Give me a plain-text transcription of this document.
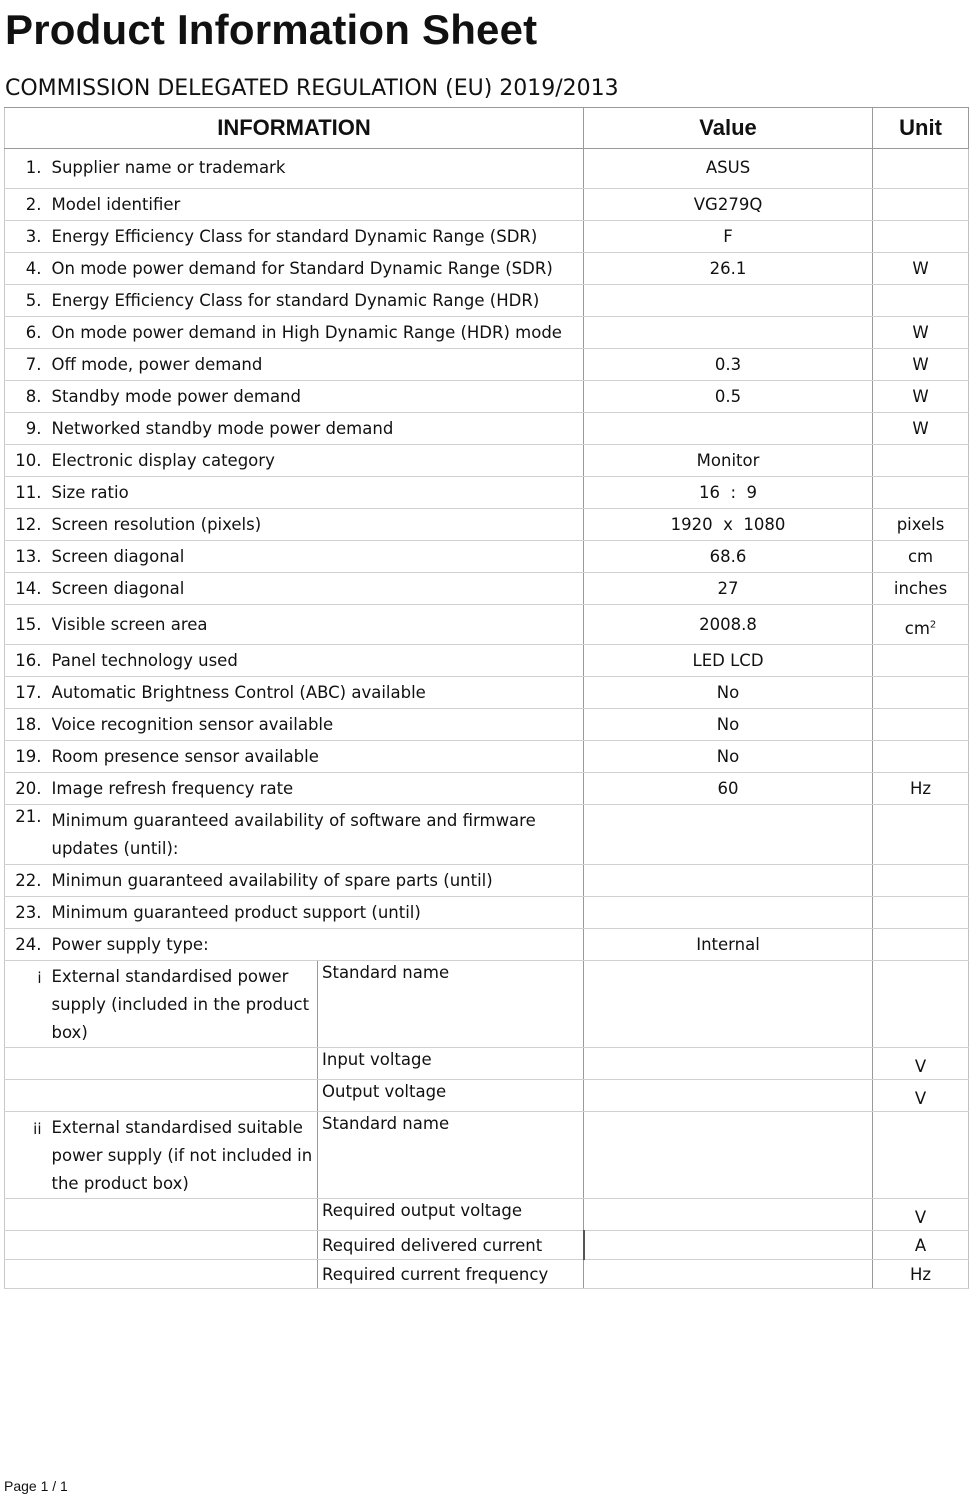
Product Information Sheet
COMMISSION DELEGATED REGULATION (EU) 2019/2013
INFORMATION			Value	Unit
1.	Supplier name or trademark		ASUS	
2.	Model identifier		VG279Q	
3.	Energy Efficiency Class for standard Dynamic Range (SDR)		F	
4.	On mode power demand for Standard Dynamic Range (SDR)		26.1	W
5.	Energy Efficiency Class for standard Dynamic Range (HDR)			
6.	On mode power demand in High Dynamic Range (HDR) mode			W
7.	Off mode, power demand		0.3	W
8.	Standby mode power demand		0.5	W
9.	Networked standby mode power demand			W
10.	Electronic display category		Monitor	
11.	Size ratio		16  :  9	
12.	Screen resolution (pixels)		1920  x  1080	pixels
13.	Screen diagonal		68.6	cm
14.	Screen diagonal		27	inches
15.	Visible screen area		2008.8	$cm^2$
16.	Panel technology used		LED LCD	
17.	Automatic Brightness Control (ABC) available		No	
18.	Voice recognition sensor available		No	
19.	Room presence sensor available		No	
20.	Image refresh frequency rate		60	Hz
21.	Minimum guaranteed availability of software and firmware
updates (until):			

22.	Minimun guaranteed availability of spare parts (until)			
23.	Minimum guaranteed product support (until)			
24.	Power supply type:		Internal	
i	External standardised power
supply (included in the product
box)	Standard name		
		Input voltage		V
		Output voltage		V
ii	External standardised suitable
power supply (if not included in
the product box)	Standard name		
		Required output voltage		V
		Required delivered current		A
		Required current frequency		Hz
Page 1 / 1
